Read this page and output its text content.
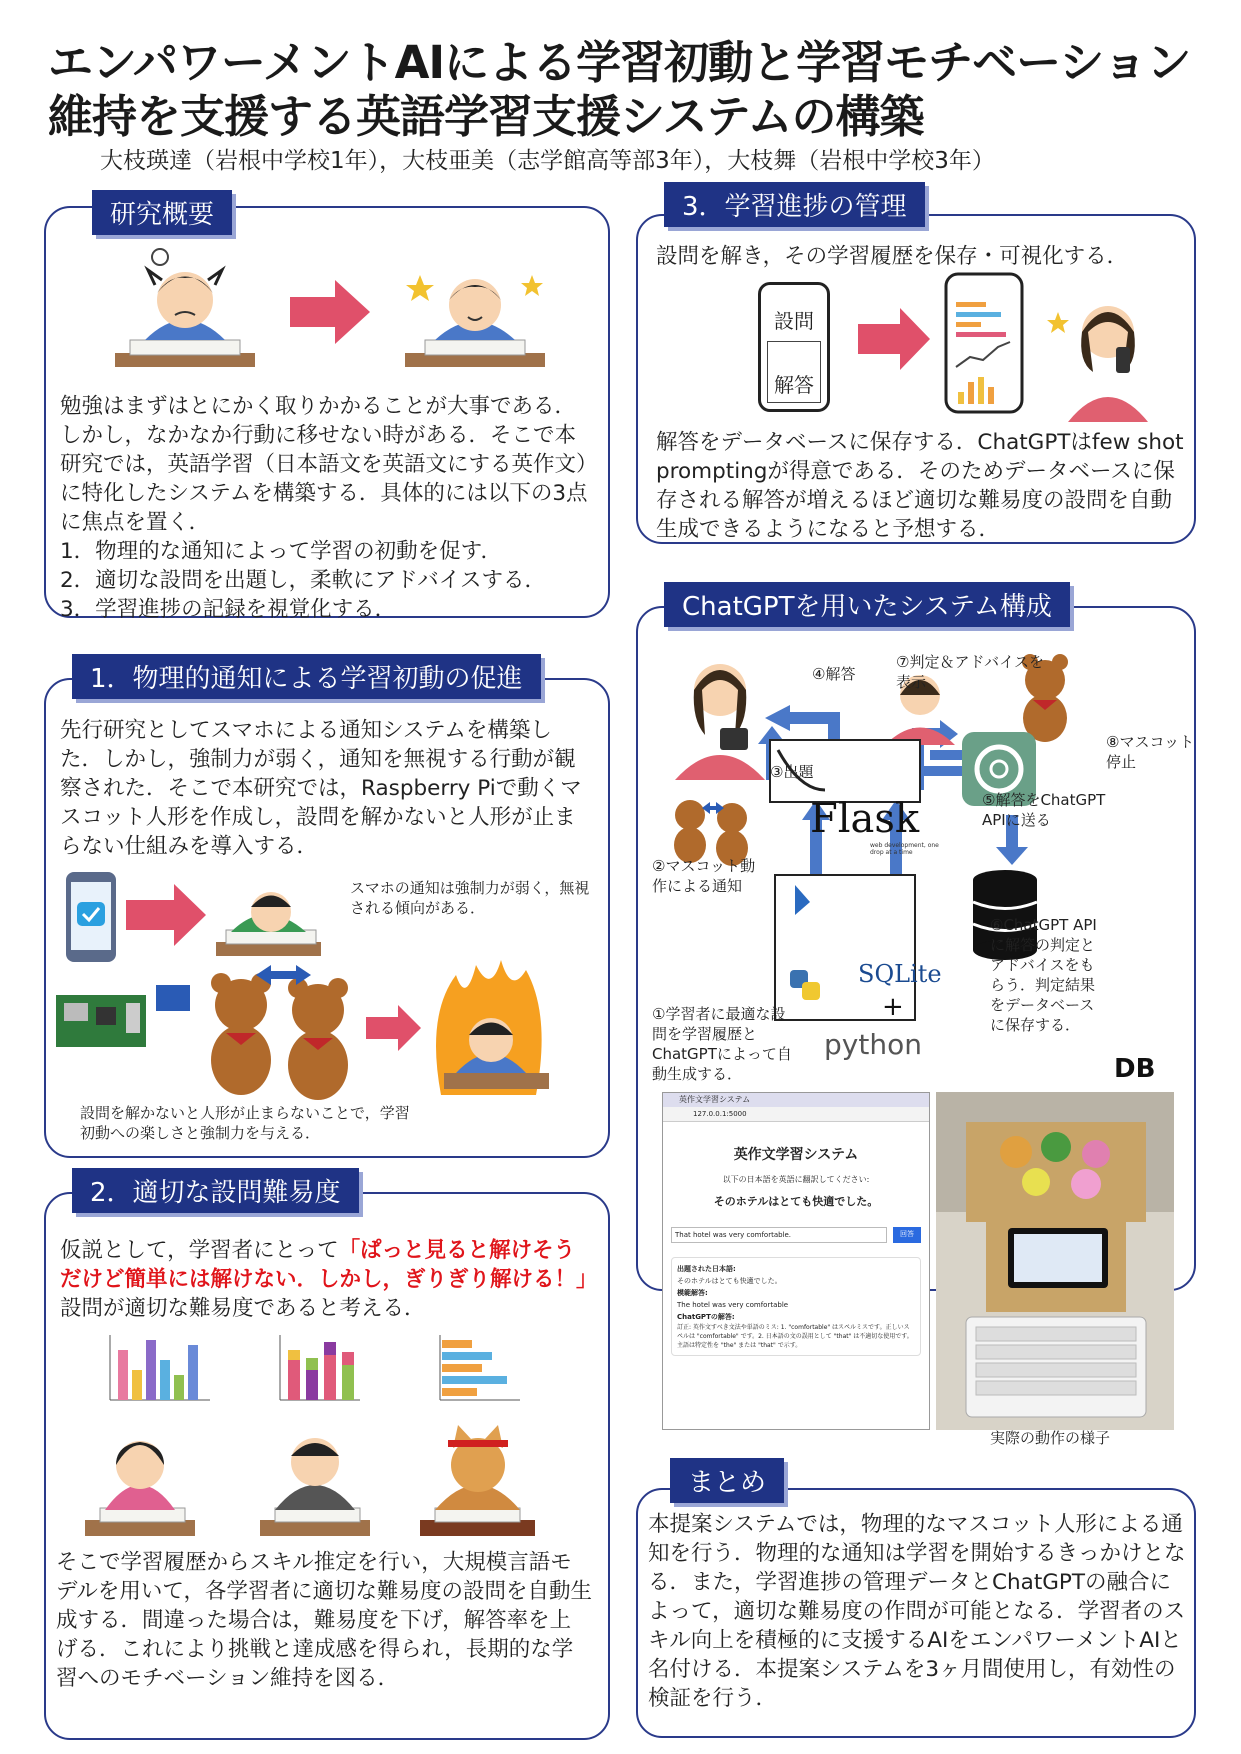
エンパワーメントAIによる学習初動と学習モチベーション
維持を支援する英語学習支援システムの構築
大枝瑛達（岩根中学校1年），大枝亜美（志学館高等部3年），大枝舞（岩根中学校3年）
研究概要
勉強はまずはとにかく取りかかることが大事である．しかし，なかなか行動に移せない時がある．そこで本研究では，英語学習（日本語文を英語文にする英作文）に特化したシステムを構築する．具体的には以下の3点に焦点を置く．
1．物理的な通知によって学習の初動を促す．
2．適切な設問を出題し，柔軟にアドバイスする．
3．学習進捗の記録を視覚化する．
1．物理的通知による学習初動の促進
先行研究としてスマホによる通知システムを構築した．しかし，強制力が弱く，通知を無視する行動が観察された．そこで本研究では，Raspberry Piで動くマスコット人形を作成し，設問を解かないと人形が止まらない仕組みを導入する．
スマホの通知は強制力が弱く，無視される傾向がある．
設問を解かないと人形が止まらないことで，学習初動への楽しさと強制力を与える．
2．適切な設問難易度
仮説として，学習者にとって「ぱっと見ると解けそうだけど簡単には解けない．しかし，ぎりぎり解ける！」設問が適切な難易度であると考える．
そこで学習履歴からスキル推定を行い，大規模言語モデルを用いて，各学習者に適切な難易度の設問を自動生成する．間違った場合は，難易度を下げ，解答率を上げる．これにより挑戦と達成感を得られ，長期的な学習へのモチベーション維持を図る．
3．学習進捗の管理
設問を解き，その学習履歴を保存・可視化する．
設問
解答
解答をデータベースに保存する．ChatGPTはfew shot promptingが得意である．そのためデータベースに保存される解答が増えるほど適切な難易度の設問を自動生成できるようになると予想する．
ChatGPTを用いたシステム構成
④解答
⑦判定＆アドバイスを表示
⑧マスコット停止
③出題
⑤解答をChatGPT APIに送る
②マスコット動作による通知
⑥ChatGPT APIに解答の判定とアドバイスをもらう．判定結果をデータベースに保存する．
①学習者に最適な設問を学習履歴とChatGPTによって自動生成する．
Flask
web development, one drop at a time
SQLite
+
python
DB
英作文学習システム
127.0.0.1:5000
英作文学習システム
以下の日本語を英語に翻訳してください:
そのホテルはとても快適でした。
That hotel was very comfortable.	回答
出題された日本語:
そのホテルはとても快適でした。
模範解答:
The hotel was very comfortable
ChatGPTの解答:
訂正: 英作文すべき文法や単語のミス: 1. "comfortable" はスペルミスです。正しいスペルは "comfortable" です。2. 日本語の文の誤用として "that" は不適切な使用です。主語は特定性を "the" または "that" で示す。
実際の動作の様子
まとめ
本提案システムでは，物理的なマスコット人形による通知を行う．物理的な通知は学習を開始するきっかけとなる．また，学習進捗の管理データとChatGPTの融合によって，適切な難易度の作問が可能となる．学習者のスキル向上を積極的に支援するAIをエンパワーメントAIと名付ける．本提案システムを3ヶ月間使用し，有効性の検証を行う．
